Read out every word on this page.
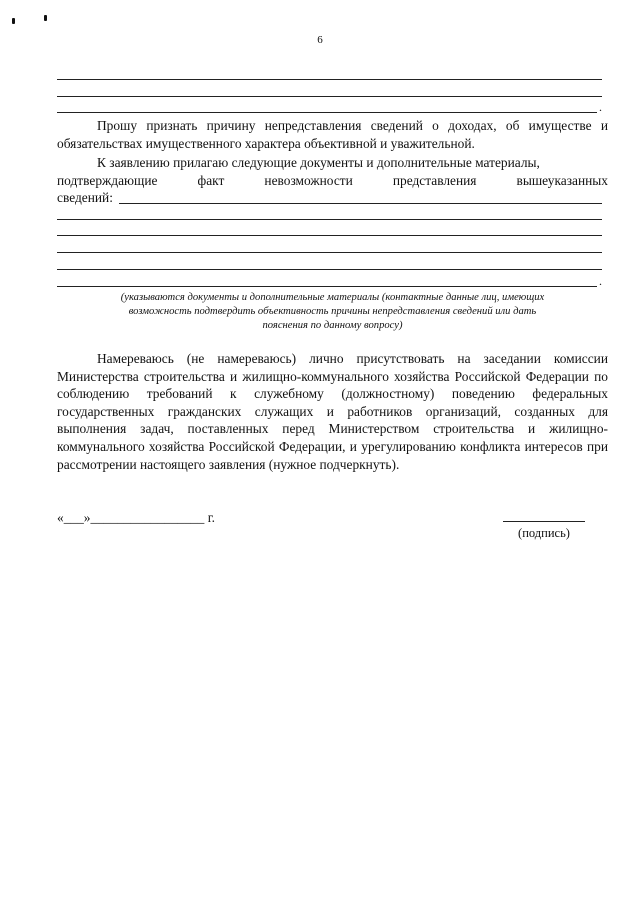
6
.
Прошу признать причину непредставления сведений о доходах, об имуществе и обязательствах имущественного характера объективной и уважительной.
К заявлению прилагаю следующие документы и дополнительные материалы,
подтверждающие	факт	невозможности	представления	вышеуказанных
сведений:
.
(указываются документы и дополнительные материалы (контактные данные лиц, имеющих
возможность подтвердить объективность причины непредставления сведений или дать
пояснения по данному вопросу)
Намереваюсь (не намереваюсь) лично присутствовать на заседании комиссии Министерства строительства и жилищно-коммунального хозяйства Российской Федерации по соблюдению требований к служебному (должностному) поведению федеральных государственных гражданских служащих и работников организаций, созданных для выполнения задач, поставленных перед Министерством строительства и жилищно-коммунального хозяйства Российской Федерации, и урегулированию конфликта интересов при рассмотрении настоящего заявления (нужное подчеркнуть).
«___»_________________ г.
(подпись)
